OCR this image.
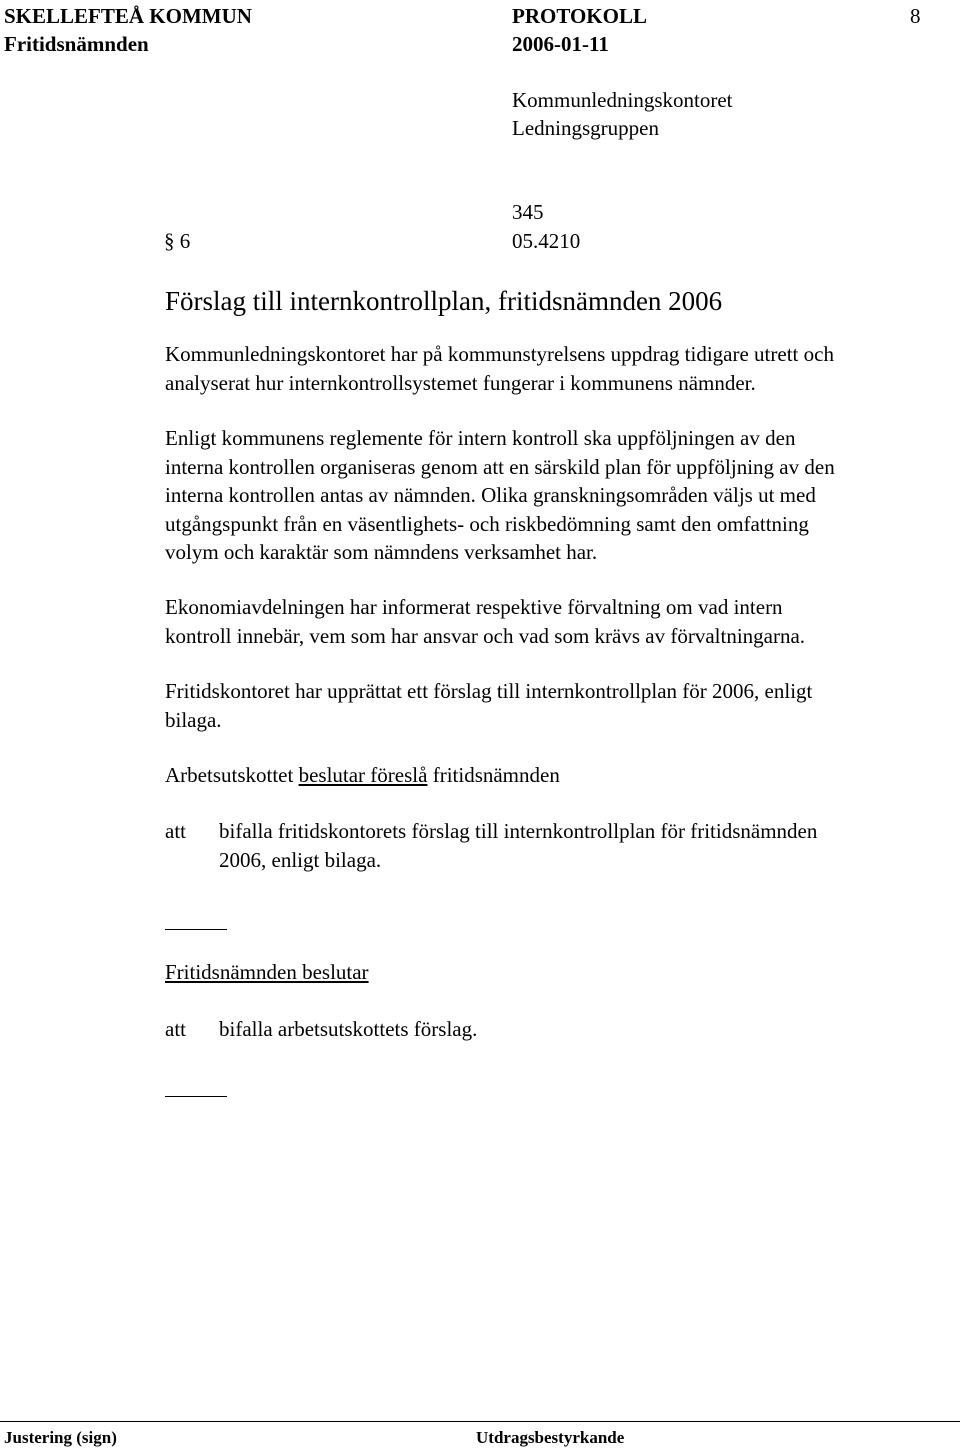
SKELLEFTEÅ KOMMUN	PROTOKOLL	8
Fritidsnämnden	2006-01-11
Kommunledningskontoret
Ledningsgruppen
345
§ 6	05.4210
Förslag till internkontrollplan, fritidsnämnden 2006
Kommunledningskontoret har på kommunstyrelsens uppdrag tidigare utrett och
analyserat hur internkontrollsystemet fungerar i kommunens nämnder.
Enligt kommunens reglemente för intern kontroll ska uppföljningen av den
interna kontrollen organiseras genom att en särskild plan för uppföljning av den
interna kontrollen antas av nämnden. Olika granskningsområden väljs ut med
utgångspunkt från en väsentlighets- och riskbedömning samt den omfattning
volym och karaktär som nämndens verksamhet har.
Ekonomiavdelningen har informerat respektive förvaltning om vad intern
kontroll innebär, vem som har ansvar och vad som krävs av förvaltningarna.
Fritidskontoret har upprättat ett förslag till internkontrollplan för 2006, enligt
bilaga.
Arbetsutskottet beslutar föreslå fritidsnämnden
att bifalla fritidskontorets förslag till internkontrollplan för fritidsnämnden
2006, enligt bilaga.
Fritidsnämnden beslutar
att bifalla arbetsutskottets förslag.
Justering (sign)	Utdragsbestyrkande
